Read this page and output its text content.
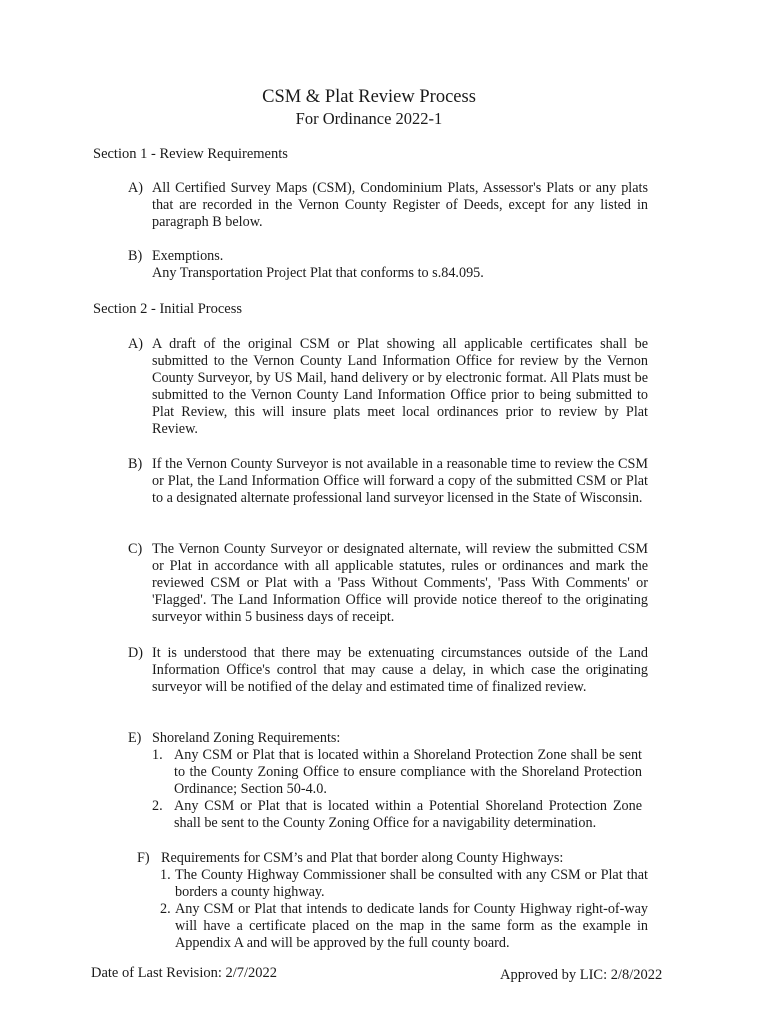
CSM & Plat Review Process
For Ordinance 2022-1
Section 1 - Review Requirements
A) All Certified Survey Maps (CSM), Condominium Plats, Assessor's Plats or any plats that are recorded in the Vernon County Register of Deeds, except for any listed in paragraph B below.
B) Exemptions.
Any Transportation Project Plat that conforms to s.84.095.
Section 2 - Initial Process
A) A draft of the original CSM or Plat showing all applicable certificates shall be submitted to the Vernon County Land Information Office for review by the Vernon County Surveyor, by US Mail, hand delivery or by electronic format. All Plats must be submitted to the Vernon County Land Information Office prior to being submitted to Plat Review, this will insure plats meet local ordinances prior to review by Plat Review.
B) If the Vernon County Surveyor is not available in a reasonable time to review the CSM or Plat, the Land Information Office will forward a copy of the submitted CSM or Plat to a designated alternate professional land surveyor licensed in the State of Wisconsin.
C) The Vernon County Surveyor or designated alternate, will review the submitted CSM or Plat in accordance with all applicable statutes, rules or ordinances and mark the reviewed CSM or Plat with a 'Pass Without Comments', 'Pass With Comments' or 'Flagged'. The Land Information Office will provide notice thereof to the originating surveyor within 5 business days of receipt.
D) It is understood that there may be extenuating circumstances outside of the Land Information Office's control that may cause a delay, in which case the originating surveyor will be notified of the delay and estimated time of finalized review.
E) Shoreland Zoning Requirements:
1. Any CSM or Plat that is located within a Shoreland Protection Zone shall be sent to the County Zoning Office to ensure compliance with the Shoreland Protection Ordinance; Section 50-4.0.
2. Any CSM or Plat that is located within a Potential Shoreland Protection Zone shall be sent to the County Zoning Office for a navigability determination.
F) Requirements for CSM’s and Plat that border along County Highways:
1. The County Highway Commissioner shall be consulted with any CSM or Plat that borders a county highway.
2. Any CSM or Plat that intends to dedicate lands for County Highway right-of-way will have a certificate placed on the map in the same form as the example in Appendix A and will be approved by the full county board.
Date of Last Revision: 2/7/2022	Approved by LIC: 2/8/2022
